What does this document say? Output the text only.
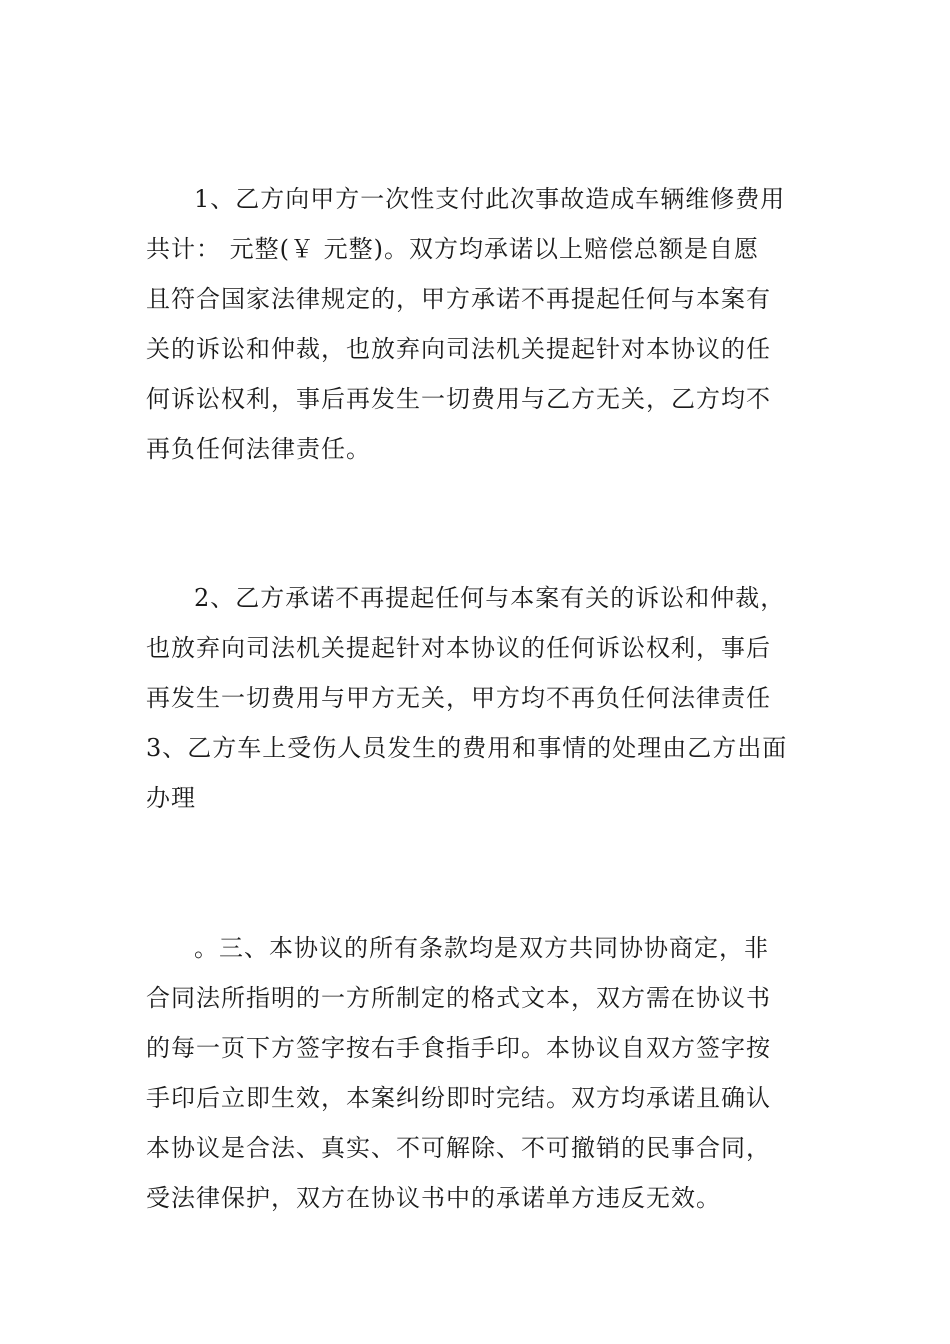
1、乙方向甲方一次性支付此次事故造成车辆维修费用
共计： 元整(￥ 元整)。双方均承诺以上赔偿总额是自愿
且符合国家法律规定的，甲方承诺不再提起任何与本案有
关的诉讼和仲裁，也放弃向司法机关提起针对本协议的任
何诉讼权利，事后再发生一切费用与乙方无关，乙方均不
再负任何法律责任。
2、乙方承诺不再提起任何与本案有关的诉讼和仲裁，
也放弃向司法机关提起针对本协议的任何诉讼权利，事后
再发生一切费用与甲方无关，甲方均不再负任何法律责任
3、乙方车上受伤人员发生的费用和事情的处理由乙方出面
办理
。三、本协议的所有条款均是双方共同协协商定，非
合同法所指明的一方所制定的格式文本，双方需在协议书
的每一页下方签字按右手食指手印。本协议自双方签字按
手印后立即生效，本案纠纷即时完结。双方均承诺且确认
本协议是合法、真实、不可解除、不可撤销的民事合同，
受法律保护，双方在协议书中的承诺单方违反无效。
